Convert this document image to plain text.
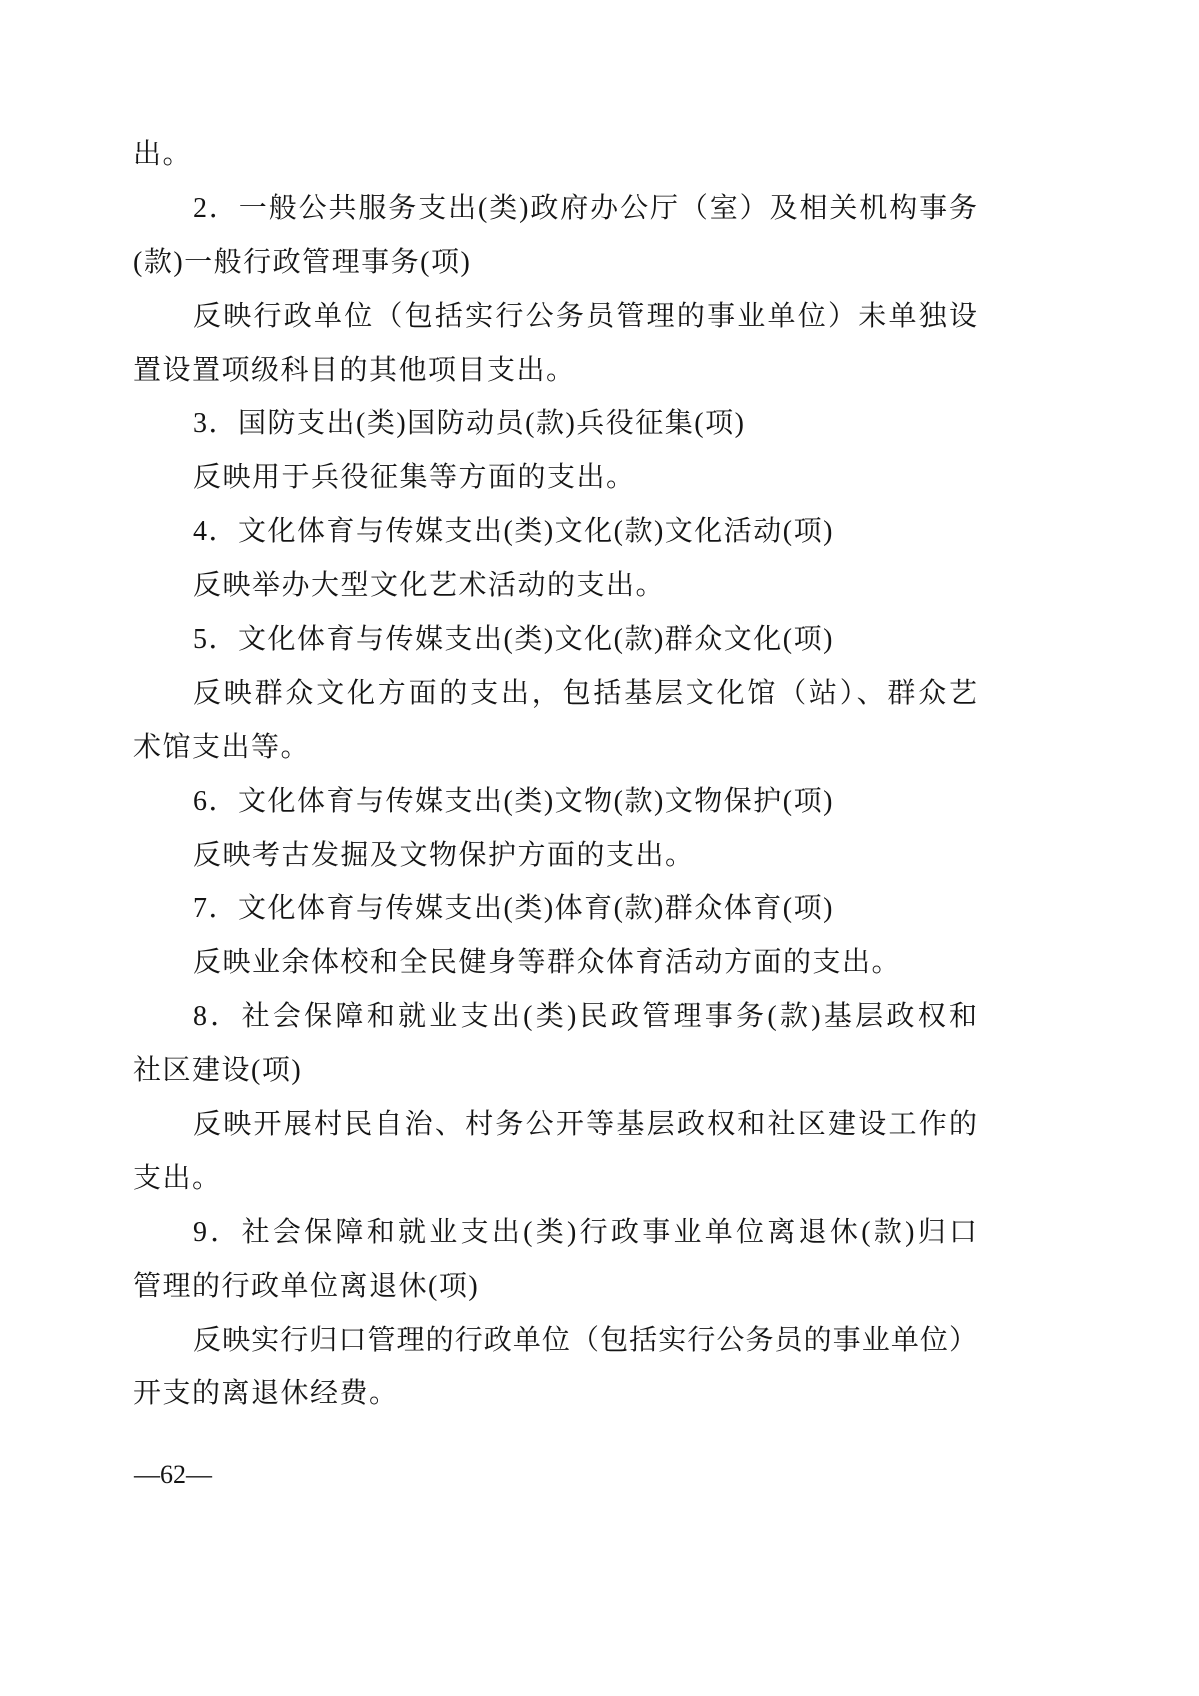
出。
2．一般公共服务支出(类)政府办公厅（室）及相关机构事务
(款)一般行政管理事务(项)
反映行政单位（包括实行公务员管理的事业单位）未单独设
置设置项级科目的其他项目支出。
3．国防支出(类)国防动员(款)兵役征集(项)
反映用于兵役征集等方面的支出。
4．文化体育与传媒支出(类)文化(款)文化活动(项)
反映举办大型文化艺术活动的支出。
5．文化体育与传媒支出(类)文化(款)群众文化(项)
反映群众文化方面的支出，包括基层文化馆（站）、群众艺
术馆支出等。
6．文化体育与传媒支出(类)文物(款)文物保护(项)
反映考古发掘及文物保护方面的支出。
7．文化体育与传媒支出(类)体育(款)群众体育(项)
反映业余体校和全民健身等群众体育活动方面的支出。
8．社会保障和就业支出(类)民政管理事务(款)基层政权和
社区建设(项)
反映开展村民自治、村务公开等基层政权和社区建设工作的
支出。
9．社会保障和就业支出(类)行政事业单位离退休(款)归口
管理的行政单位离退休(项)
反映实行归口管理的行政单位（包括实行公务员的事业单位）
开支的离退休经费。
—62—
